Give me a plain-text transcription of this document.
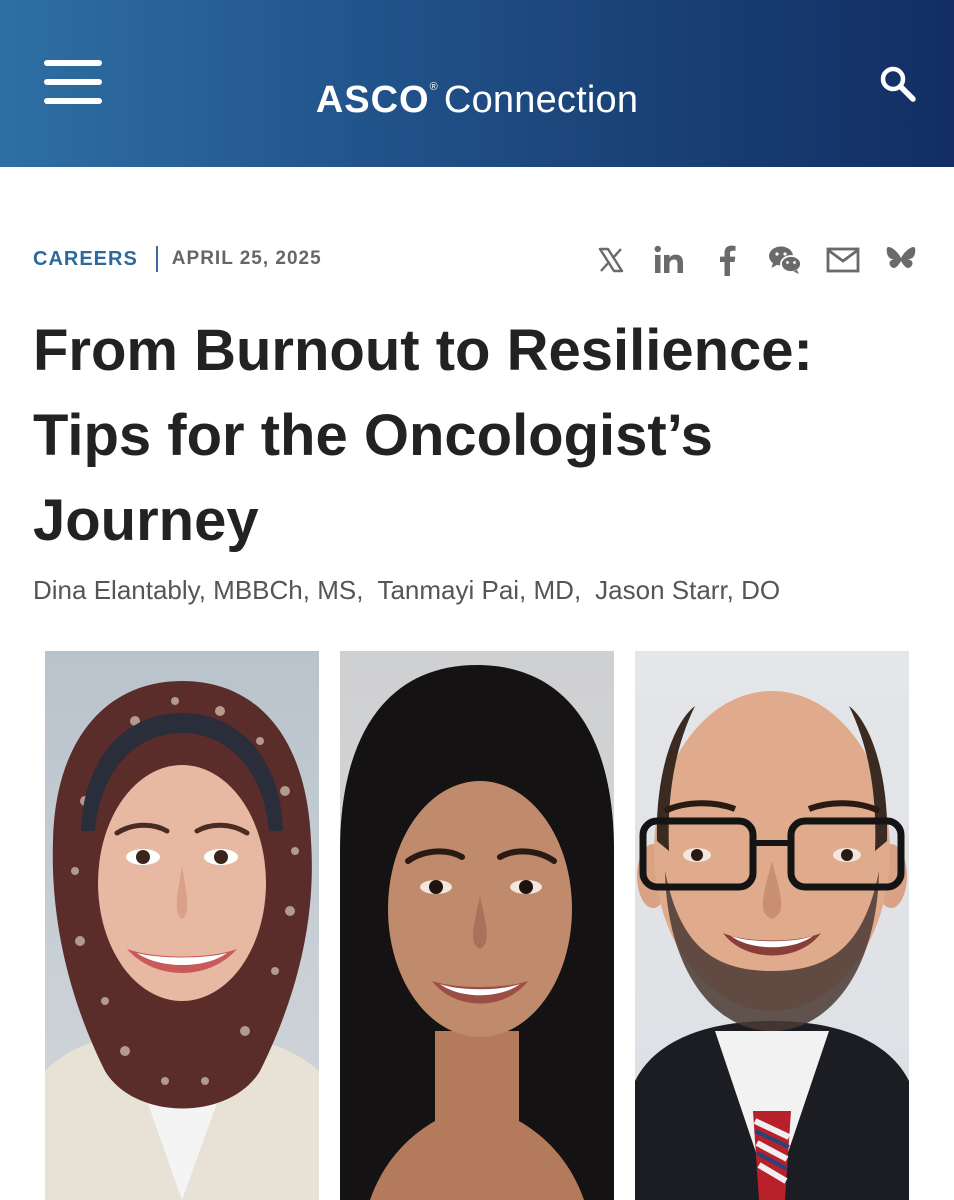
ASCO® Connection
CAREERS APRIL 25, 2025
From Burnout to Resilience: Tips for the Oncologist’s Journey
Dina Elantably, MBBCh, MS, Tanmayi Pai, MD, Jason Starr, DO
